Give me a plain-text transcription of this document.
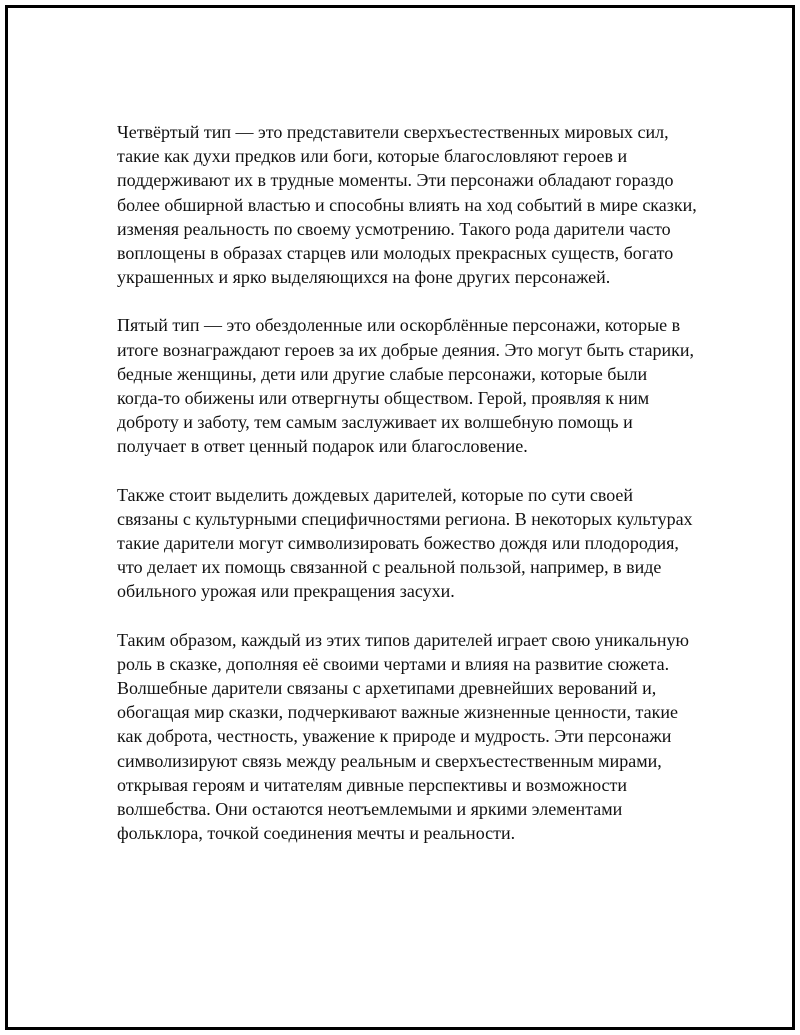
Четвёртый тип — это представители сверхъестественных мировых сил, такие как духи предков или боги, которые благословляют героев и поддерживают их в трудные моменты. Эти персонажи обладают гораздо более обширной властью и способны влиять на ход событий в мире сказки, изменяя реальность по своему усмотрению. Такого рода дарители часто воплощены в образах старцев или молодых прекрасных существ, богато украшенных и ярко выделяющихся на фоне других персонажей.

Пятый тип — это обездоленные или оскорблённые персонажи, которые в итоге вознаграждают героев за их добрые деяния. Это могут быть старики, бедные женщины, дети или другие слабые персонажи, которые были когда-то обижены или отвергнуты обществом. Герой, проявляя к ним доброту и заботу, тем самым заслуживает их волшебную помощь и получает в ответ ценный подарок или благословение.

Также стоит выделить дождевых дарителей, которые по сути своей связаны с культурными специфичностями региона. В некоторых культурах такие дарители могут символизировать божество дождя или плодородия, что делает их помощь связанной с реальной пользой, например, в виде обильного урожая или прекращения засухи.

Таким образом, каждый из этих типов дарителей играет свою уникальную роль в сказке, дополняя её своими чертами и влияя на развитие сюжета. Волшебные дарители связаны с архетипами древнейших верований и, обогащая мир сказки, подчеркивают важные жизненные ценности, такие как доброта, честность, уважение к природе и мудрость. Эти персонажи символизируют связь между реальным и сверхъестественным мирами, открывая героям и читателям дивные перспективы и возможности волшебства. Они остаются неотъемлемыми и яркими элементами фольклора, точкой соединения мечты и реальности.
